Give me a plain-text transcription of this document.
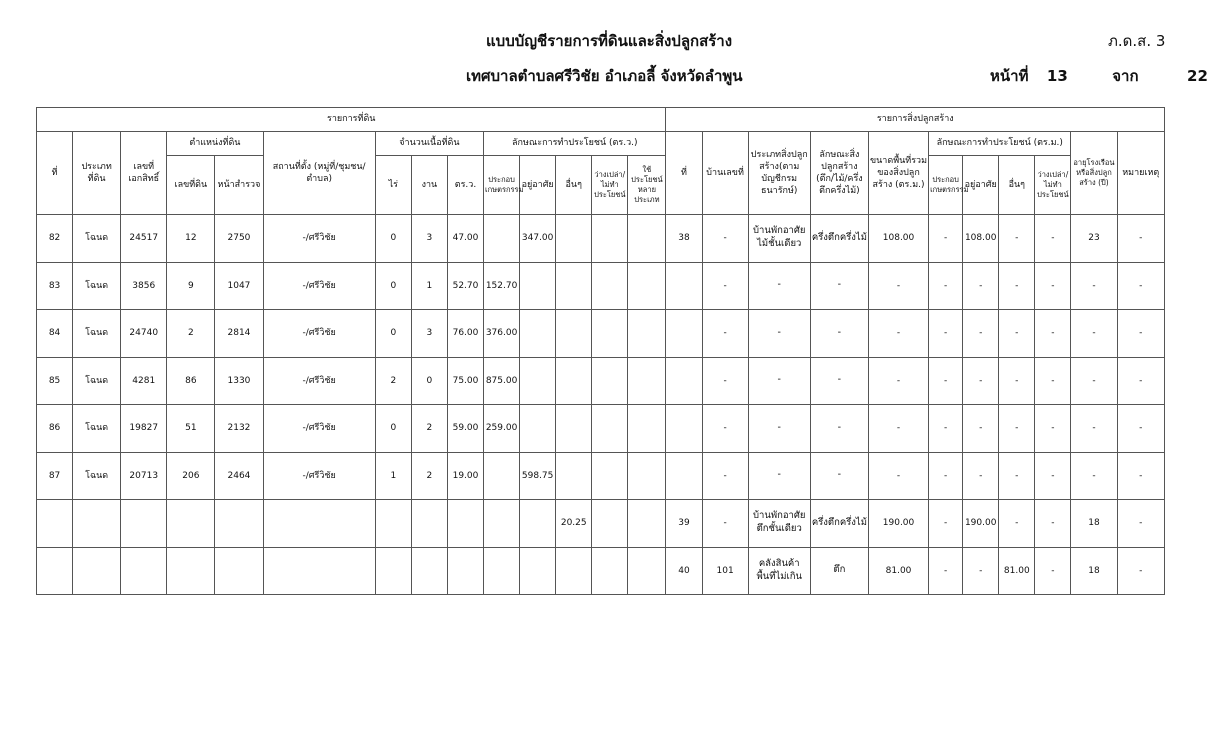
แบบบัญชีรายการที่ดินและสิ่งปลูกสร้าง	ภ.ด.ส. 3
เทศบาลตำบลศรีวิชัย อำเภอลี้ จังหวัดลำพูน	หน้าที่ 13	จาก	22
รายการที่ดิน														รายการสิ่งปลูกสร้าง										
ที่	ประเภทที่ดิน	เลขที่เอกสิทธิ์	ตำแหน่งที่ดิน		สถานที่ตั้ง (หมู่ที่/ชุมชน/ตำบล)	จำนวนเนื้อที่ดิน			ลักษณะการทำประโยชน์ (ตร.ว.)					ที่	บ้านเลขที่	ประเภทสิ่งปลูกสร้าง(ตามบัญชีกรมธนารักษ์)	ลักษณะสิ่งปลูกสร้าง (ตึก/ไม้/ครึ่งตึกครึ่งไม้)	ขนาดพื้นที่รวมของสิ่งปลูกสร้าง (ตร.ม.)	ลักษณะการทำประโยชน์ (ตร.ม.)				อายุโรงเรือนหรือสิ่งปลูกสร้าง (ปี)	หมายเหตุ
			เลขที่ดิน	หน้าสำรวจ		ไร่	งาน	ตร.ว.	ประกอบเกษตรกรรม	อยู่อาศัย	อื่นๆ	ว่างเปล่า/ไม่ทำประโยชน์	ใช้ประโยชน์หลายประเภท						ประกอบเกษตรกรรม	อยู่อาศัย	อื่นๆ	ว่างเปล่า/ไม่ทำประโยชน์		
82	โฉนด	24517	12	2750	-/ศรีวิชัย	0	3	47.00		347.00				38	-	บ้านพักอาศัยไม้ชั้นเดียว	ครึ่งตึกครึ่งไม้	108.00	-	108.00	-	-	23	-
83	โฉนด	3856	9	1047	-/ศรีวิชัย	0	1	52.70	152.70						-	-	-	-	-	-	-	-	-	-
84	โฉนด	24740	2	2814	-/ศรีวิชัย	0	3	76.00	376.00						-	-	-	-	-	-	-	-	-	-
85	โฉนด	4281	86	1330	-/ศรีวิชัย	2	0	75.00	875.00						-	-	-	-	-	-	-	-	-	-
86	โฉนด	19827	51	2132	-/ศรีวิชัย	0	2	59.00	259.00						-	-	-	-	-	-	-	-	-	-
87	โฉนด	20713	206	2464	-/ศรีวิชัย	1	2	19.00		598.75					-	-	-	-	-	-	-	-	-	-
											20.25			39	-	บ้านพักอาศัยตึกชั้นเดียว	ครึ่งตึกครึ่งไม้	190.00	-	190.00	-	-	18	-
														40	101	คลังสินค้าพื้นที่ไม่เกิน	ตึก	81.00	-	-	81.00	-	18	-
